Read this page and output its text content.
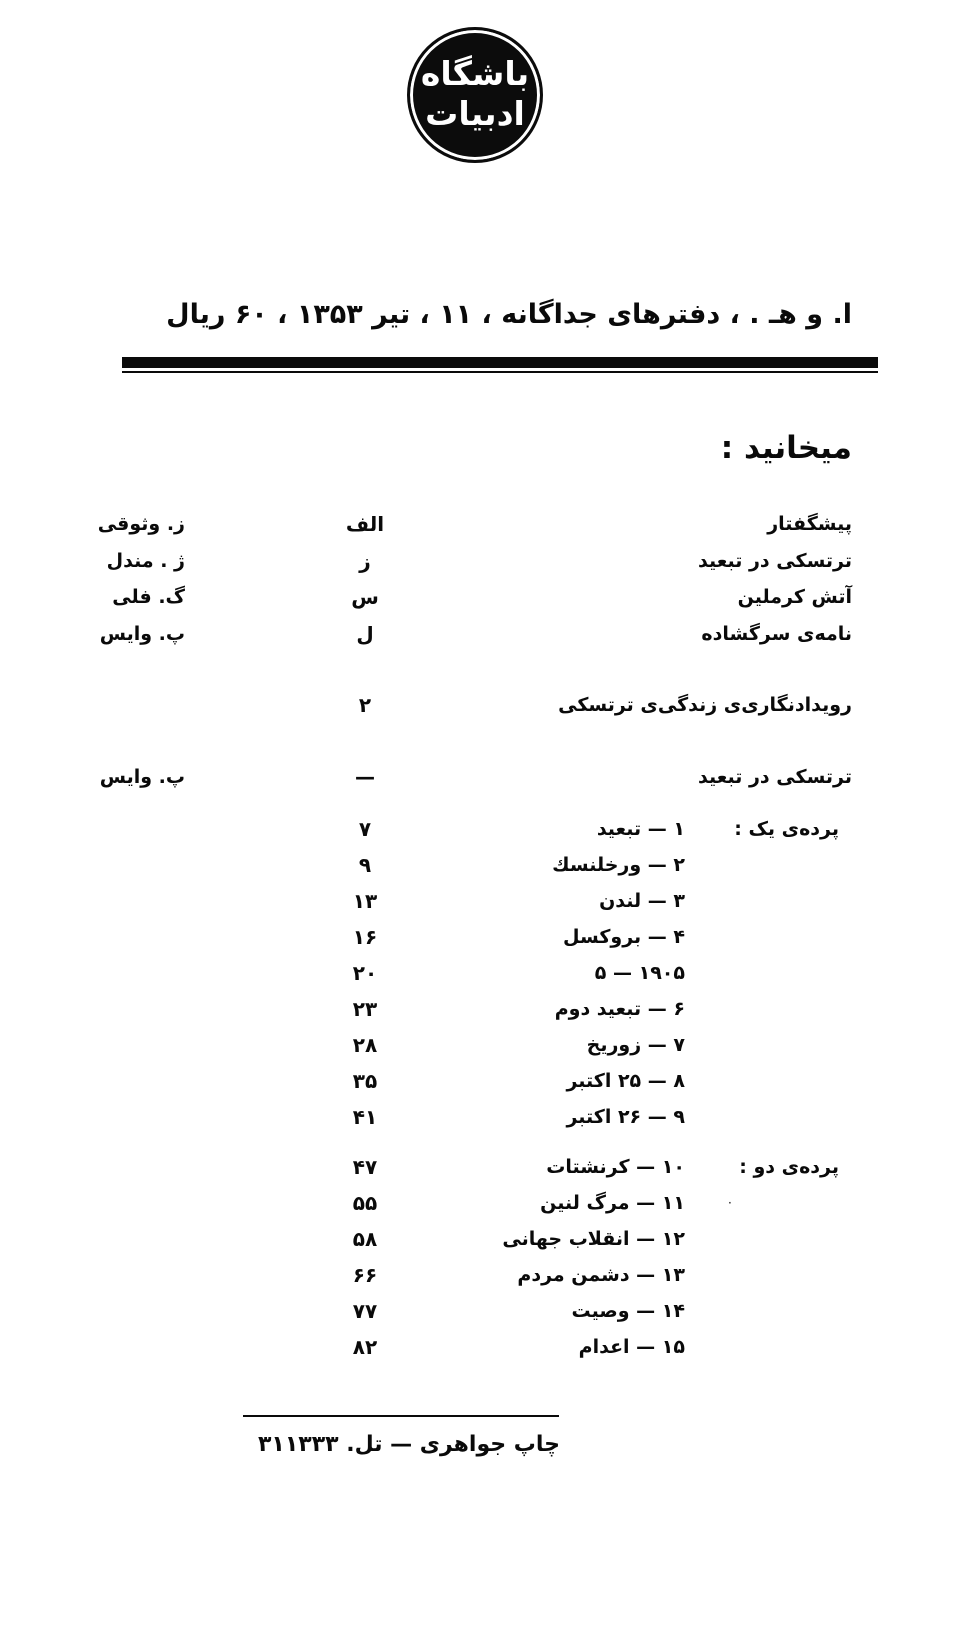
باشگاه
ادبیات
ا. و هـ . ، دفترهای جداگانه ، ۱۱ ، تیر ۱۳۵۳ ، ۶۰ ریال
میخانید :
پیشگفتار
الف
ز. وثوقی
ترتسکی در تبعید
ز
ژ . مندل
آتش کرملین
س
گ. فلی
نامه‌ی سرگشاده
ل
پ. وایس
رویداد‌نگاری‌ی زندگی‌ی ترتسکی
۲
ترتسکی در تبعید
—
پ. وایس
پرده‌ی یک :
۱ — تبعید
۷
۲ — ورخلنسك
۹
۳ — لندن
۱۳
۴ — بروکسل
۱۶
۵ — ۱۹۰۵
۲۰
۶ — تبعید دوم
۲۳
۷ — زوریخ
۲۸
۸ — ۲۵ اکتبر
۳۵
۹ — ۲۶ اکتبر
۴۱
پرده‌ی دو :
۱۰ — کرنشتات
۴۷
·
۱۱ — مرگ لنین
۵۵
۱۲ — انقلاب جهانی
۵۸
۱۳ — دشمن مردم
۶۶
۱۴ — وصیت
۷۷
۱۵ — اعدام
۸۲
چاپ جواهری — تل. ۳۱۱۳۳۳
